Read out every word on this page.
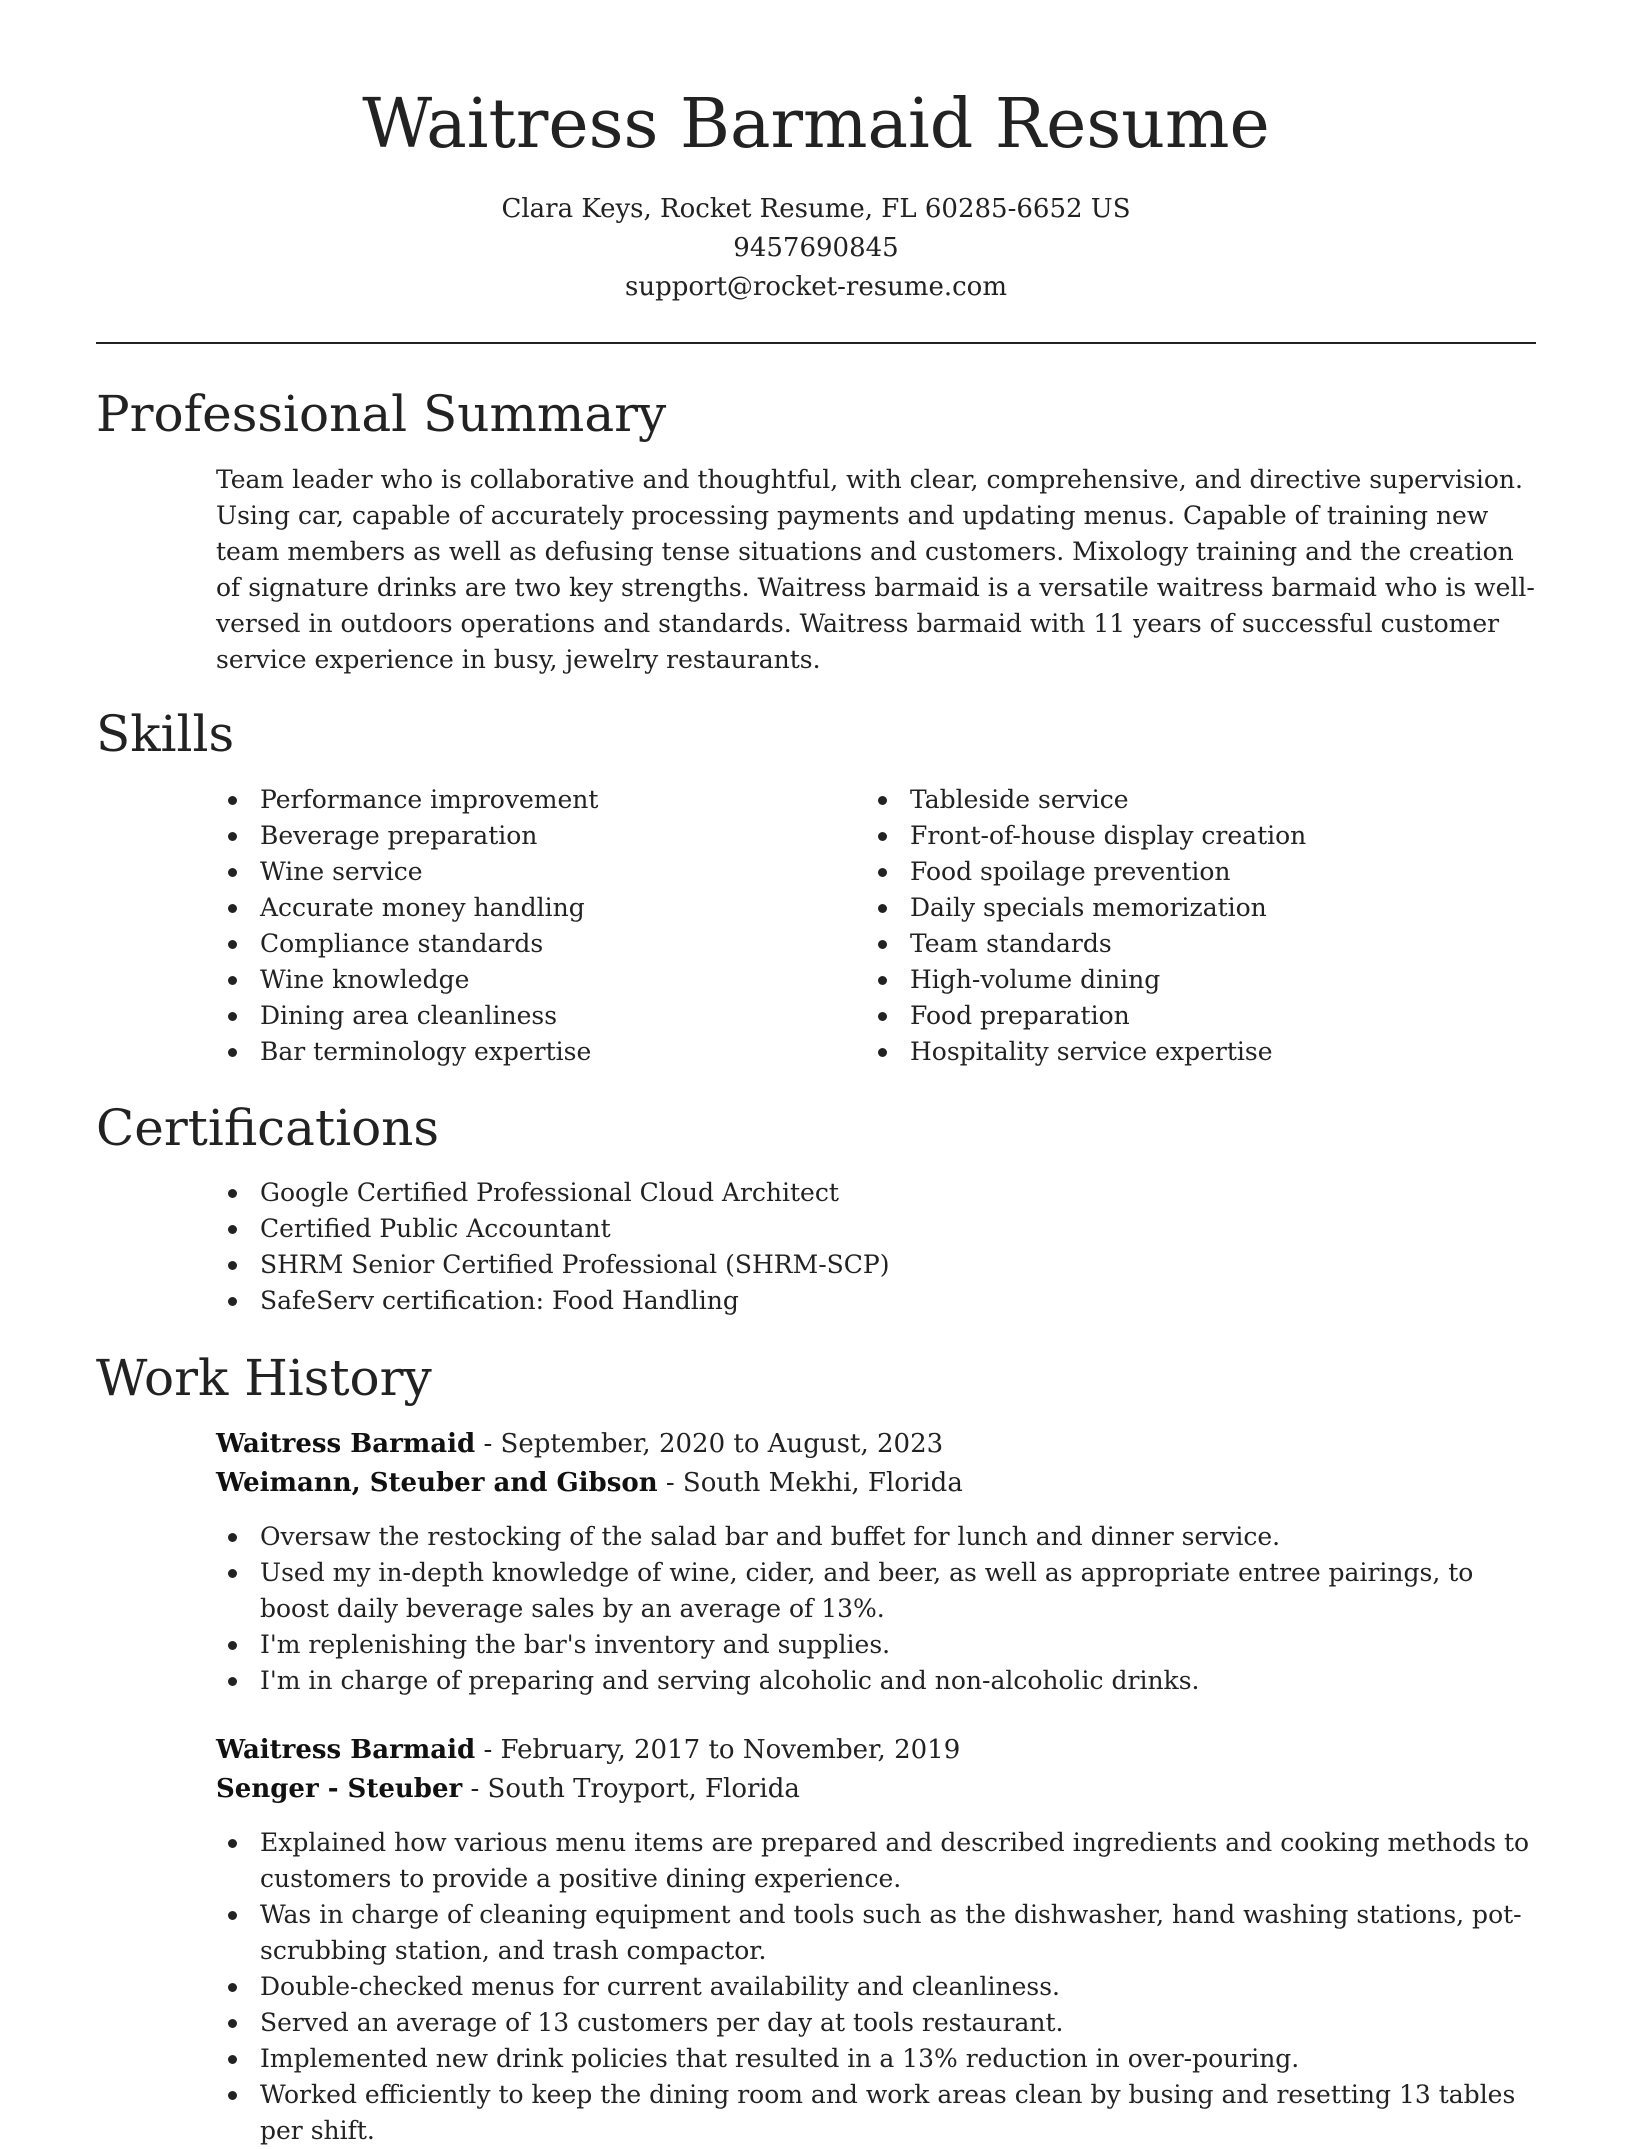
Waitress Barmaid Resume

Clara Keys, Rocket Resume, FL 60285-6652 US

9457690845

support@rocket-resume.com

Professional Summary

Team leader who is collaborative and thoughtful, with clear, comprehensive, and directive supervision. Using car, capable of accurately processing payments and updating menus. Capable of training new team members as well as defusing tense situations and customers. Mixology training and the creation of signature drinks are two key strengths. Waitress barmaid is a versatile waitress barmaid who is well-versed in outdoors operations and standards. Waitress barmaid with 11 years of successful customer service experience in busy, jewelry restaurants.

Skills
Performance improvement
Beverage preparation
Wine service
Accurate money handling
Compliance standards
Wine knowledge
Dining area cleanliness
Bar terminology expertise
Tableside service
Front-of-house display creation
Food spoilage prevention
Daily specials memorization
Team standards
High-volume dining
Food preparation
Hospitality service expertise
Certifications
Google Certified Professional Cloud Architect
Certified Public Accountant
SHRM Senior Certified Professional (SHRM-SCP)
SafeServ certification: Food Handling
Work History

Waitress Barmaid - September, 2020 to August, 2023

Weimann, Steuber and Gibson - South Mekhi, Florida

Oversaw the restocking of the salad bar and buffet for lunch and dinner service.
Used my in-depth knowledge of wine, cider, and beer, as well as appropriate entree pairings, to boost daily beverage sales by an average of 13%.
I'm replenishing the bar's inventory and supplies.
I'm in charge of preparing and serving alcoholic and non-alcoholic drinks.

Waitress Barmaid - February, 2017 to November, 2019

Senger - Steuber - South Troyport, Florida

Explained how various menu items are prepared and described ingredients and cooking methods to customers to provide a positive dining experience.
Was in charge of cleaning equipment and tools such as the dishwasher, hand washing stations, pot-scrubbing station, and trash compactor.
Double-checked menus for current availability and cleanliness.
Served an average of 13 customers per day at tools restaurant.
Implemented new drink policies that resulted in a 13% reduction in over-pouring.
Worked efficiently to keep the dining room and work areas clean by busing and resetting 13 tables per shift.
